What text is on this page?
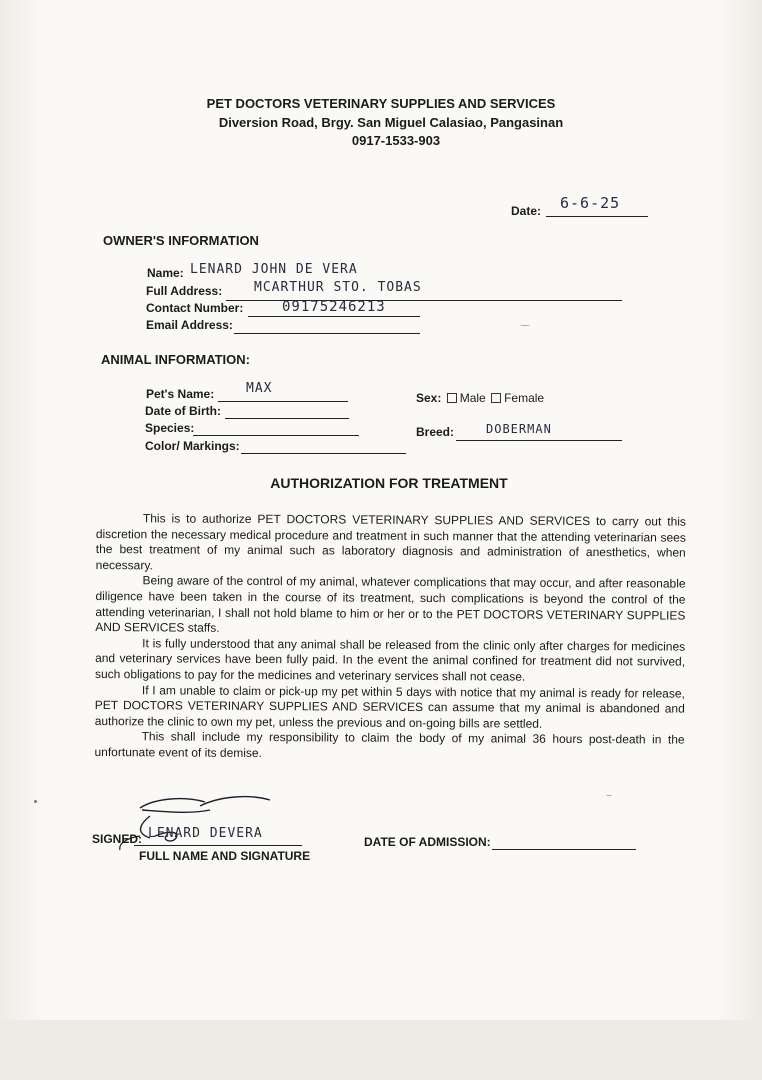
PET DOCTORS VETERINARY SUPPLIES AND SERVICES
Diversion Road, Brgy. San Miguel Calasiao, Pangasinan
0917-1533-903
Date: 6-6-25
OWNER'S INFORMATION
Name: LENARD JOHN DE VERA
Full Address: MCARTHUR STO. TOBAS
Contact Number:	09175246213
Email Address:
ANIMAL INFORMATION:
Pet's Name: MAX
Date of Birth:
Species:
Color/ Markings:
Sex: Male Female
Breed:	DOBERMAN
AUTHORIZATION FOR TREATMENT

This is to authorize PET DOCTORS VETERINARY SUPPLIES AND SERVICES to carry out this discretion the necessary medical procedure and treatment in such manner that the attending veterinarian sees the best treatment of my animal such as laboratory diagnosis and administration of anesthetics, when necessary.

Being aware of the control of my animal, whatever complications that may occur, and after reasonable diligence have been taken in the course of its treatment, such complications is beyond the control of the attending veterinarian, I shall not hold blame to him or her or to the PET DOCTORS VETERINARY SUPPLIES AND SERVICES staffs.

It is fully understood that any animal shall be released from the clinic only after charges for medicines and veterinary services have been fully paid. In the event the animal confined for treatment did not survived, such obligations to pay for the medicines and veterinary services shall not cease.

If I am unable to claim or pick-up my pet within 5 days with notice that my animal is ready for release, PET DOCTORS VETERINARY SUPPLIES AND SERVICES can assume that my animal is abandoned and authorize the clinic to own my pet, unless the previous and on-going bills are settled.

This shall include my responsibility to claim the body of my animal 36 hours post-death in the unfortunate event of its demise.

SIGNED: LENARD DEVERA
FULL NAME AND SIGNATURE
DATE OF ADMISSION:
